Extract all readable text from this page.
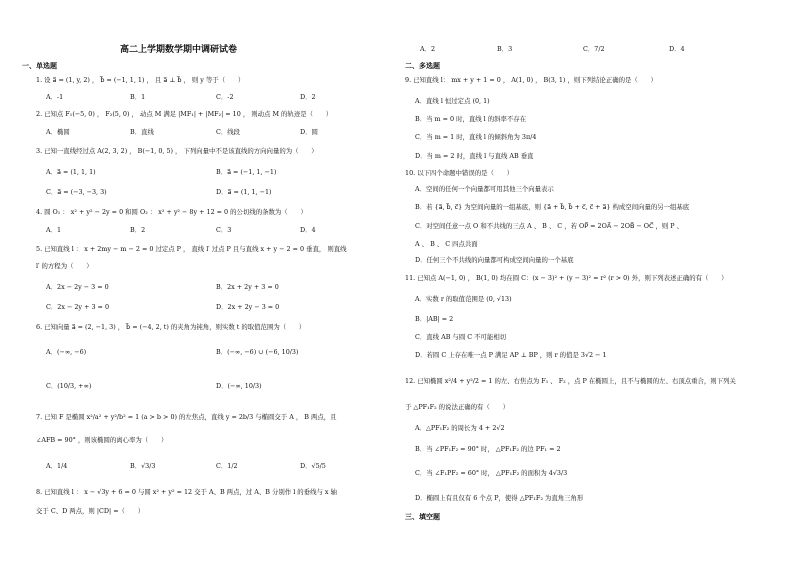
高二上学期数学期中调研试卷
一、单选题
1. 设 a⃗ = (1, y, 2) ， b⃗ = (−1, 1, 1) ， 且 a⃗ ⊥ b⃗ ， 则 y 等于（　　）
A．-1	B．1	C．-2	D．2
2. 已知点 F₁(−5, 0) ， F₂(5, 0) ， 动点 M 满足 |MF₁| + |MF₂| = 10 ， 则动点 M 的轨迹是（　　）
A．椭圆	B．直线	C．线段	D．圆
3. 已知一直线经过点 A(2, 3, 2) ， B(−1, 0, 5) ， 下列向量中不是该直线的方向向量的为（　　）
A．a⃗ = (1, 1, 1)	B．a⃗ = (−1, 1, −1)
C．a⃗ = (−3, −3, 3)	D．a⃗ = (1, 1, −1)
4. 圆 O₁ ： x² + y² − 2y = 0 和圆 O₂ ： x² + y² − 8y + 12 = 0 的公切线的条数为（　　）
A．1	B．2	C．3	D．4
5. 已知直线 l ： x + 2my − m − 2 = 0 过定点 P ， 直线 l′ 过点 P 且与直线 x + y − 2 = 0 垂直， 则直线
l′ 的方程为（　　）
A．2x − 2y − 3 = 0	B．2x + 2y + 3 = 0
C．2x − 2y + 3 = 0	D．2x + 2y − 3 = 0
6. 已知向量 a⃗ = (2, −1, 3) ， b⃗ = (−4, 2, t) 的夹角为钝角，则实数 t 的取值范围为（　　）
A．(−∞, −6)	B．(−∞, −6) ∪ (−6, 10/3)
C．(10/3, +∞)	D．(−∞, 10/3)
7. 已知 F 是椭圆 x²/a² + y²/b² = 1 (a > b > 0) 的左焦点，直线 y = 2b/3 与椭圆交于 A ， B 两点，且
∠AFB = 90° ，则该椭圆的离心率为（　　）
A．1/4	B．√3/3	C．1/2	D．√5/5
8. 已知直线 l ： x − √3y + 6 = 0 与圆 x² + y² = 12 交于 A、B 两点，过 A、B 分别作 l 的垂线与 x 轴
交于 C、D 两点，则 |CD| =（　　）
A．2	B．3	C．7/2	D．4
二、多选题
9. 已知直线 l： mx + y + 1 = 0 ， A(1, 0) ， B(3, 1) ，则下列结论正确的是（　　）
A．直线 l 恒过定点 (0, 1)
B．当 m = 0 时，直线 l 的斜率不存在
C．当 m = 1 时，直线 l 的倾斜角为 3π/4
D．当 m = 2 时，直线 l 与直线 AB 垂直
10. 以下四个命题中错误的是（　　）
A．空间的任何一个向量都可用其他三个向量表示
B．若 {a⃗, b⃗, c⃗} 为空间向量的一组基底，则 {a⃗ + b⃗, b⃗ + c⃗, c⃗ + a⃗} 构成空间向量的另一组基底
C．对空间任意一点 O 和不共线的三点 A 、 B 、 C ，若 OP⃗ = 2OA⃗ − 2OB⃗ − OC⃗ ，则 P 、
A 、 B 、 C 四点共面
D．任何三个不共线的向量都可构成空间向量的一个基底
11. 已知点 A(−1, 0) ， B(1, 0) 均在圆 C：(x − 3)² + (y − 3)² = r² (r > 0) 外，则下列表述正确的有（　　）
A．实数 r 的取值范围是 (0, √13)
B．|AB| = 2
C．直线 AB 与圆 C 不可能相切
D．若圆 C 上存在唯一点 P 满足 AP ⊥ BP ，则 r 的值是 3√2 − 1
12. 已知椭圆 x²/4 + y²/2 = 1 的左、右焦点为 F₁ 、 F₂ ，点 P 在椭圆上，且不与椭圆的左、右顶点重合，则下列关
于 △PF₁F₂ 的说法正确的有（　　）
A．△PF₁F₂ 的周长为 4 + 2√2
B．当 ∠PF₁F₂ = 90° 时， △PF₁F₂ 的边 PF₁ = 2
C．当 ∠F₁PF₂ = 60° 时， △PF₁F₂ 的面积为 4√3/3
D．椭圆上有且仅有 6 个点 P，使得 △PF₁F₂ 为直角三角形
三、填空题
